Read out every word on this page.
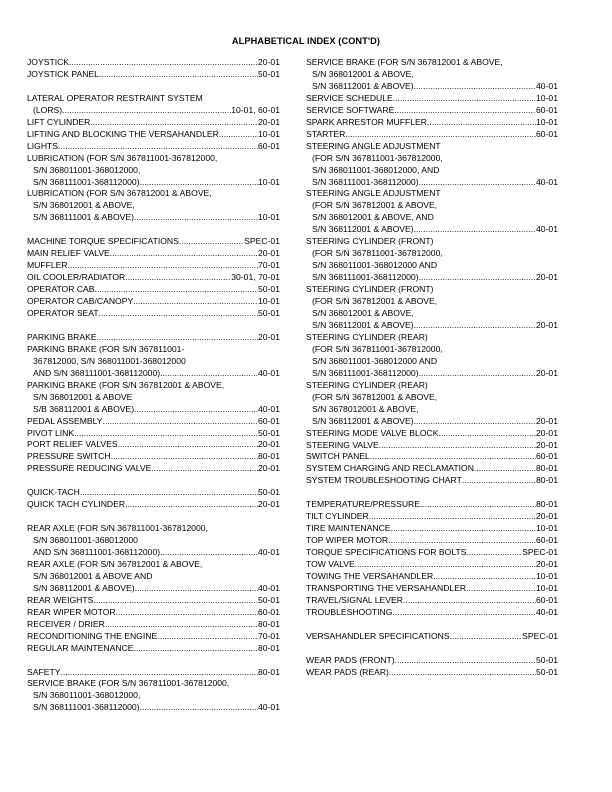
ALPHABETICAL INDEX (CONT'D)
JOYSTICK .....	20-01
JOYSTICK PANEL .....	50-01
LATERAL OPERATOR RESTRAINT SYSTEM
(LORS) .....	10-01, 60-01
LIFT CYLINDER .....	20-01
LIFTING AND BLOCKING THE VERSAHANDLER .....	10-01
LIGHTS .....	60-01
LUBRICATION (FOR S/N 367811001-367812000,
S/N 368011001-368012000,
S/N 368111001-368112000) .....	10-01
LUBRICATION (FOR S/N 367812001 & ABOVE,
S/N 368012001 & ABOVE,
S/N 368111001 & ABOVE) .....	10-01
MACHINE TORQUE SPECIFICATIONS .....	SPEC-01
MAIN RELIEF VALVE .....	20-01
MUFFLER .....	70-01
OIL COOLER/RADIATOR .....	30-01, 70-01
OPERATOR CAB .....	50-01
OPERATOR CAB/CANOPY .....	10-01
OPERATOR SEAT .....	50-01
PARKING BRAKE .....	20-01
PARKING BRAKE (FOR S/N 367811001-
367812000, S/N 368011001-368012000
AND S/N 368111001-368112000) .....	40-01
PARKING BRAKE (FOR S/N 367812001 & ABOVE,
S/N 368012001 & ABOVE
S/B 368112001 & ABOVE) .....	40-01
PEDAL ASSEMBLY .....	60-01
PIVOT LINK .....	50-01
PORT RELIEF VALVES .....	20-01
PRESSURE SWITCH .....	80-01
PRESSURE REDUCING VALVE .....	20-01
QUICK-TACH .....	50-01
QUICK TACH CYLINDER .....	20-01
REAR AXLE (FOR S/N 367811001-367812000,
S/N 368011001-368012000
AND S/N 368111001-368112000) .....	40-01
REAR AXLE (FOR S/N 367812001 & ABOVE,
S/N 368012001 & ABOVE AND
S/N 368112001 & ABOVE) .....	40-01
REAR WEIGHTS .....	50-01
REAR WIPER MOTOR .....	60-01
RECEIVER / DRIER .....	80-01
RECONDITIONING THE ENGINE .....	70-01
REGULAR MAINTENANCE .....	80-01
SAFETY .....	80-01
SERVICE BRAKE (FOR S/N 367811001-367812000,
S/N 368011001-368012000,
S/N 368111001-368112000) .....	40-01
SERVICE BRAKE (FOR S/N 367812001 & ABOVE,
S/N 368012001 & ABOVE,
S/N 368112001 & ABOVE) .....	40-01
SERVICE SCHEDULE .....	10-01
SERVICE SOFTWARE .....	60-01
SPARK ARRESTOR MUFFLER .....	10-01
STARTER .....	60-01
STEERING ANGLE ADJUSTMENT
(FOR S/N 367811001-367812000,
S/N 368011001-368012000, AND
S/N 368111001-368112000) .....	40-01
STEERING ANGLE ADJUSTMENT
(FOR S/N 367812001 & ABOVE,
S/N 368012001 & ABOVE, AND
S/N 368112001 & ABOVE) .....	40-01
STEERING CYLINDER (FRONT)
(FOR S/N 367811001-367812000,
S/N 368011001-368012000 AND
S/N 368111001-368112000) .....	20-01
STEERING CYLINDER (FRONT)
(FOR S/N 367812001 & ABOVE,
S/N 368012001 & ABOVE,
S/N 368112001 & ABOVE) .....	20-01
STEERING CYLINDER (REAR)
(FOR S/N 367811001-367812000,
S/N 368011001-368012000 AND
S/N 368111001-368112000) .....	20-01
STEERING CYLINDER (REAR)
(FOR S/N 367812001 & ABOVE,
S/N 3678012001 & ABOVE,
S/N 368112001 & ABOVE) .....	20-01
STEERING MODE VALVE BLOCK .....	20-01
STEERING VALVE .....	20-01
SWITCH PANEL .....	60-01
SYSTEM CHARGING AND RECLAMATION .....	80-01
SYSTEM TROUBLESHOOTING CHART .....	80-01
TEMPERATURE/PRESSURE .....	80-01
TILT CYLINDER .....	20-01
TIRE MAINTENANCE .....	10-01
TOP WIPER MOTOR .....	60-01
TORQUE SPECIFICATIONS FOR BOLTS .....	SPEC-01
TOW VALVE .....	20-01
TOWING THE VERSAHANDLER .....	10-01
TRANSPORTING THE VERSAHANDLER .....	10-01
TRAVEL/SIGNAL LEVER .....	60-01
TROUBLESHOOTING .....	40-01
VERSAHANDLER SPECIFICATIONS .....	SPEC-01
WEAR PADS (FRONT) .....	50-01
WEAR PADS (REAR) .....	50-01
